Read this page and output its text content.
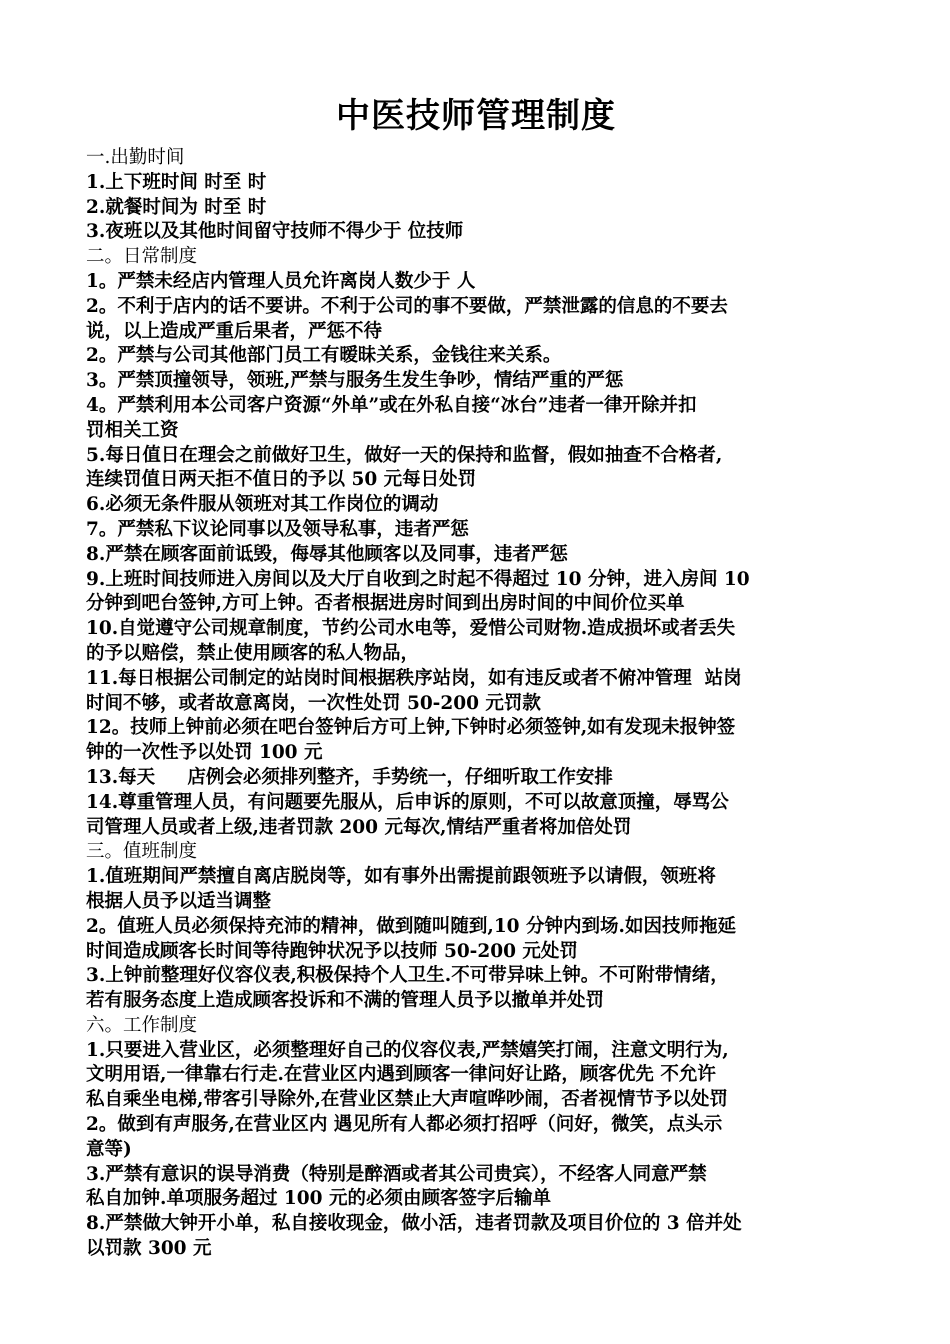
中医技师管理制度
一.出勤时间
1.上下班时间 时至 时
2.就餐时间为 时至 时
3.夜班以及其他时间留守技师不得少于 位技师
二。日常制度
1。严禁未经店内管理人员允许离岗人数少于 人
2。不利于店内的话不要讲。不利于公司的事不要做，严禁泄露的信息的不要去
说，以上造成严重后果者，严惩不待
2。严禁与公司其他部门员工有暧昧关系，金钱往来关系。
3。严禁顶撞领导，领班,严禁与服务生发生争吵，情结严重的严惩
4。严禁利用本公司客户资源“外单”或在外私自接“冰台”违者一律开除并扣
罚相关工资
5.每日值日在理会之前做好卫生，做好一天的保持和监督，假如抽查不合格者,
连续罚值日两天拒不值日的予以 50 元每日处罚
6.必须无条件服从领班对其工作岗位的调动
7。严禁私下议论同事以及领导私事，违者严惩
8.严禁在顾客面前诋毁，侮辱其他顾客以及同事，违者严惩
9.上班时间技师进入房间以及大厅自收到之时起不得超过 10 分钟，进入房间 10
分钟到吧台签钟,方可上钟。否者根据进房时间到出房时间的中间价位买单
10.自觉遵守公司规章制度，节约公司水电等，爱惜公司财物.造成损坏或者丢失
的予以赔偿，禁止使用顾客的私人物品，
11.每日根据公司制定的站岗时间根据秩序站岗，如有违反或者不俯冲管理  站岗
时间不够，或者故意离岗，一次性处罚 50-200 元罚款
12。技师上钟前必须在吧台签钟后方可上钟,下钟时必须签钟,如有发现未报钟签
钟的一次性予以处罚 100 元
13.每天     店例会必须排列整齐，手势统一，仔细听取工作安排
14.尊重管理人员，有问题要先服从，后申诉的原则，不可以故意顶撞，辱骂公
司管理人员或者上级,违者罚款 200 元每次,情结严重者将加倍处罚
三。值班制度
1.值班期间严禁擅自离店脱岗等，如有事外出需提前跟领班予以请假，领班将
根据人员予以适当调整
2。值班人员必须保持充沛的精神，做到随叫随到,10 分钟内到场.如因技师拖延
时间造成顾客长时间等待跑钟状况予以技师 50-200 元处罚
3.上钟前整理好仪容仪表,积极保持个人卫生.不可带异味上钟。不可附带情绪，
若有服务态度上造成顾客投诉和不满的管理人员予以撤单并处罚
六。工作制度
1.只要进入营业区，必须整理好自己的仪容仪表,严禁嬉笑打闹，注意文明行为,
文明用语,一律靠右行走.在营业区内遇到顾客一律问好让路，顾客优先 不允许
私自乘坐电梯,带客引导除外,在营业区禁止大声喧哗吵闹，否者视情节予以处罚
2。做到有声服务,在营业区内 遇见所有人都必须打招呼（问好，微笑，点头示
意等)
3.严禁有意识的误导消费（特别是醉酒或者其公司贵宾），不经客人同意严禁
私自加钟.单项服务超过 100 元的必须由顾客签字后输单
8.严禁做大钟开小单，私自接收现金，做小活，违者罚款及项目价位的 3 倍并处
以罚款 300 元
